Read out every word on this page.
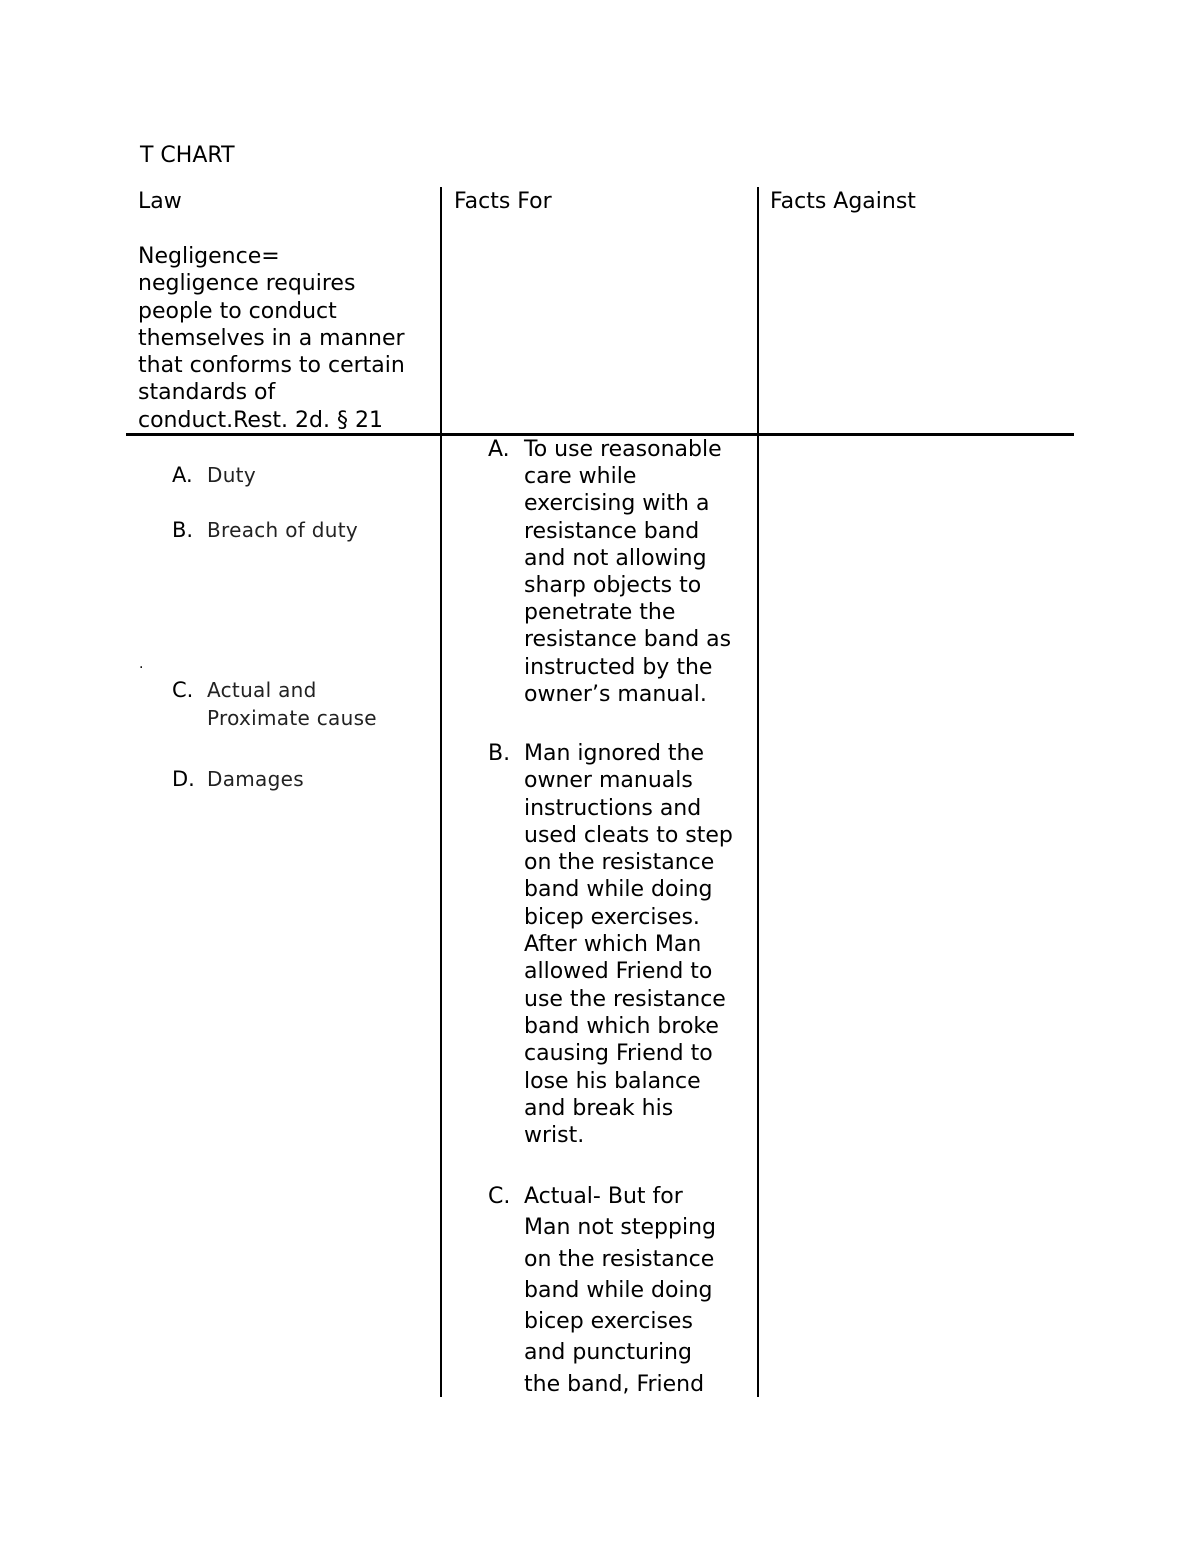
T CHART
Law	Facts For	Facts Against
Negligence=
negligence requires
people to conduct
themselves in a manner
that conforms to certain
standards of
conduct.Rest. 2d. § 21
A. Duty
B. Breach of duty
C. Actual and
Proximate cause
D. Damages
.
A. To use reasonable
care while
exercising with a
resistance band
and not allowing
sharp objects to
penetrate the
resistance band as
instructed by the
owner’s manual.
B. Man ignored the
owner manuals
instructions and
used cleats to step
on the resistance
band while doing
bicep exercises.
After which Man
allowed Friend to
use the resistance
band which broke
causing Friend to
lose his balance
and break his
wrist.
C. Actual- But for
Man not stepping
on the resistance
band while doing
bicep exercises
and puncturing
the band, Friend
